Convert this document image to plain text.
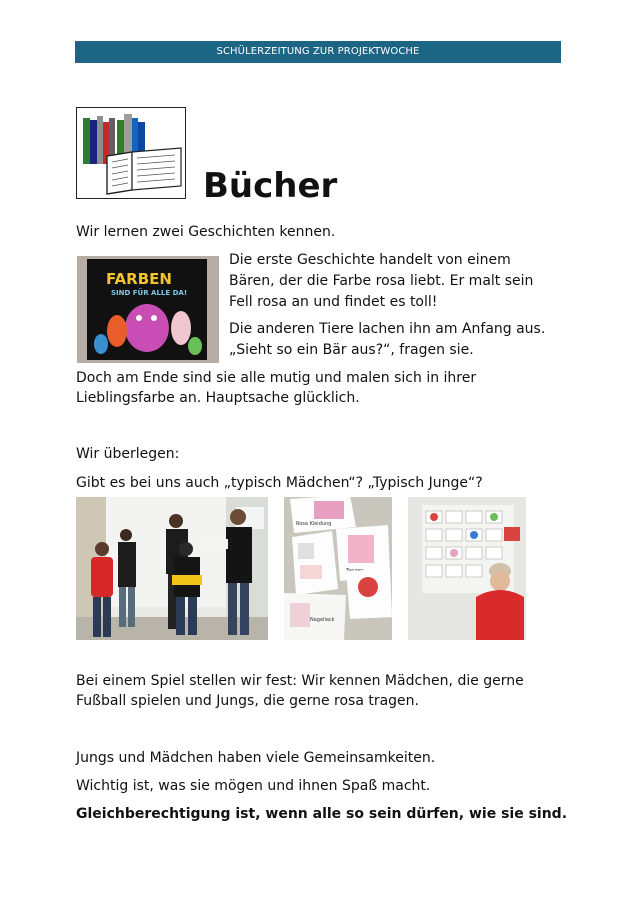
SCHÜLERZEITUNG ZUR PROJEKTWOCHE
Bücher
Wir lernen zwei Geschichten kennen.
.
FARBEN
SIND FÜR ALLE DA!
Die erste Geschichte handelt von einem
Bären, der die Farbe rosa liebt. Er malt sein
Fell rosa an und findet es toll!
Die anderen Tiere lachen ihn am Anfang aus.
„Sieht so ein Bär aus?“, fragen sie.
Doch am Ende sind sie alle mutig und malen sich in ihrer
Lieblingsfarbe an. Hauptsache glücklich.
Wir überlegen:
Gibt es bei uns auch „typisch Mädchen“? „Typisch Junge“?
Rosa Kleidung
Nagellack
Bei einem Spiel stellen wir fest: Wir kennen Mädchen, die gerne
Fußball spielen und Jungs, die gerne rosa tragen.
Jungs und Mädchen haben viele Gemeinsamkeiten.
Wichtig ist, was sie mögen und ihnen Spaß macht.
Gleichberechtigung ist, wenn alle so sein dürfen, wie sie sind.
